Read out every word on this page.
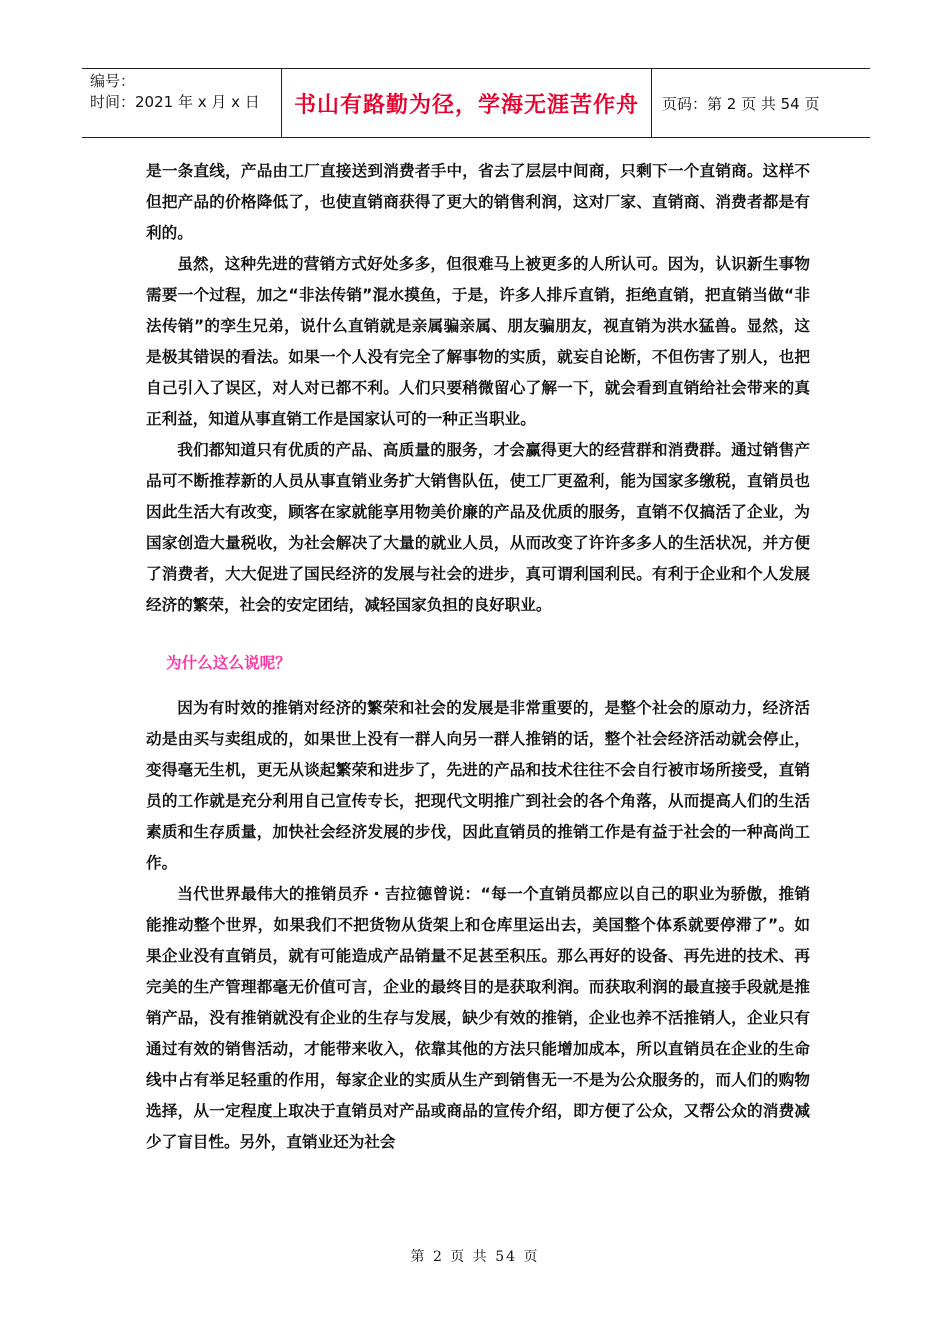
编号：
时间：2021 年 x 月 x 日	书山有路勤为径，学海无涯苦作舟 页码：第 2 页 共 54 页

是一条直线，产品由工厂直接送到消费者手中，省去了层层中间商，只剩下一个直销商。这样不但把产品的价格降低了，也使直销商获得了更大的销售利润，这对厂家、直销商、消费者都是有利的。

虽然，这种先进的营销方式好处多多，但很难马上被更多的人所认可。因为，认识新生事物需要一个过程，加之“非法传销”混水摸鱼，于是，许多人排斥直销，拒绝直销，把直销当做“非法传销”的孪生兄弟，说什么直销就是亲属骗亲属、朋友骗朋友，视直销为洪水猛兽。显然，这是极其错误的看法。如果一个人没有完全了解事物的实质，就妄自论断，不但伤害了别人，也把自己引入了误区，对人对已都不利。人们只要稍微留心了解一下，就会看到直销给社会带来的真正利益，知道从事直销工作是国家认可的一种正当职业。

我们都知道只有优质的产品、高质量的服务，才会赢得更大的经营群和消费群。通过销售产品可不断推荐新的人员从事直销业务扩大销售队伍，使工厂更盈利，能为国家多缴税，直销员也因此生活大有改变，顾客在家就能享用物美价廉的产品及优质的服务，直销不仅搞活了企业，为国家创造大量税收，为社会解决了大量的就业人员，从而改变了许许多多人的生活状况，并方便了消费者，大大促进了国民经济的发展与社会的进步，真可谓利国利民。有利于企业和个人发展经济的繁荣，社会的安定团结，减轻国家负担的良好职业。

为什么这么说呢？

因为有时效的推销对经济的繁荣和社会的发展是非常重要的，是整个社会的原动力，经济活动是由买与卖组成的，如果世上没有一群人向另一群人推销的话，整个社会经济活动就会停止，变得毫无生机，更无从谈起繁荣和进步了，先进的产品和技术往往不会自行被市场所接受，直销员的工作就是充分利用自己宣传专长，把现代文明推广到社会的各个角落，从而提高人们的生活素质和生存质量，加快社会经济发展的步伐，因此直销员的推销工作是有益于社会的一种高尚工作。

当代世界最伟大的推销员乔・吉拉德曾说：“每一个直销员都应以自己的职业为骄傲，推销能推动整个世界，如果我们不把货物从货架上和仓库里运出去，美国整个体系就要停滞了”。如果企业没有直销员，就有可能造成产品销量不足甚至积压。那么再好的设备、再先进的技术、再完美的生产管理都毫无价值可言，企业的最终目的是获取利润。而获取利润的最直接手段就是推销产品，没有推销就没有企业的生存与发展，缺少有效的推销，企业也养不活推销人，企业只有通过有效的销售活动，才能带来收入，依靠其他的方法只能增加成本，所以直销员在企业的生命线中占有举足轻重的作用，每家企业的实质从生产到销售无一不是为公众服务的，而人们的购物选择，从一定程度上取决于直销员对产品或商品的宣传介绍，即方便了公众，又帮公众的消费减少了盲目性。另外，直销业还为社会

第 2 页 共 54 页
